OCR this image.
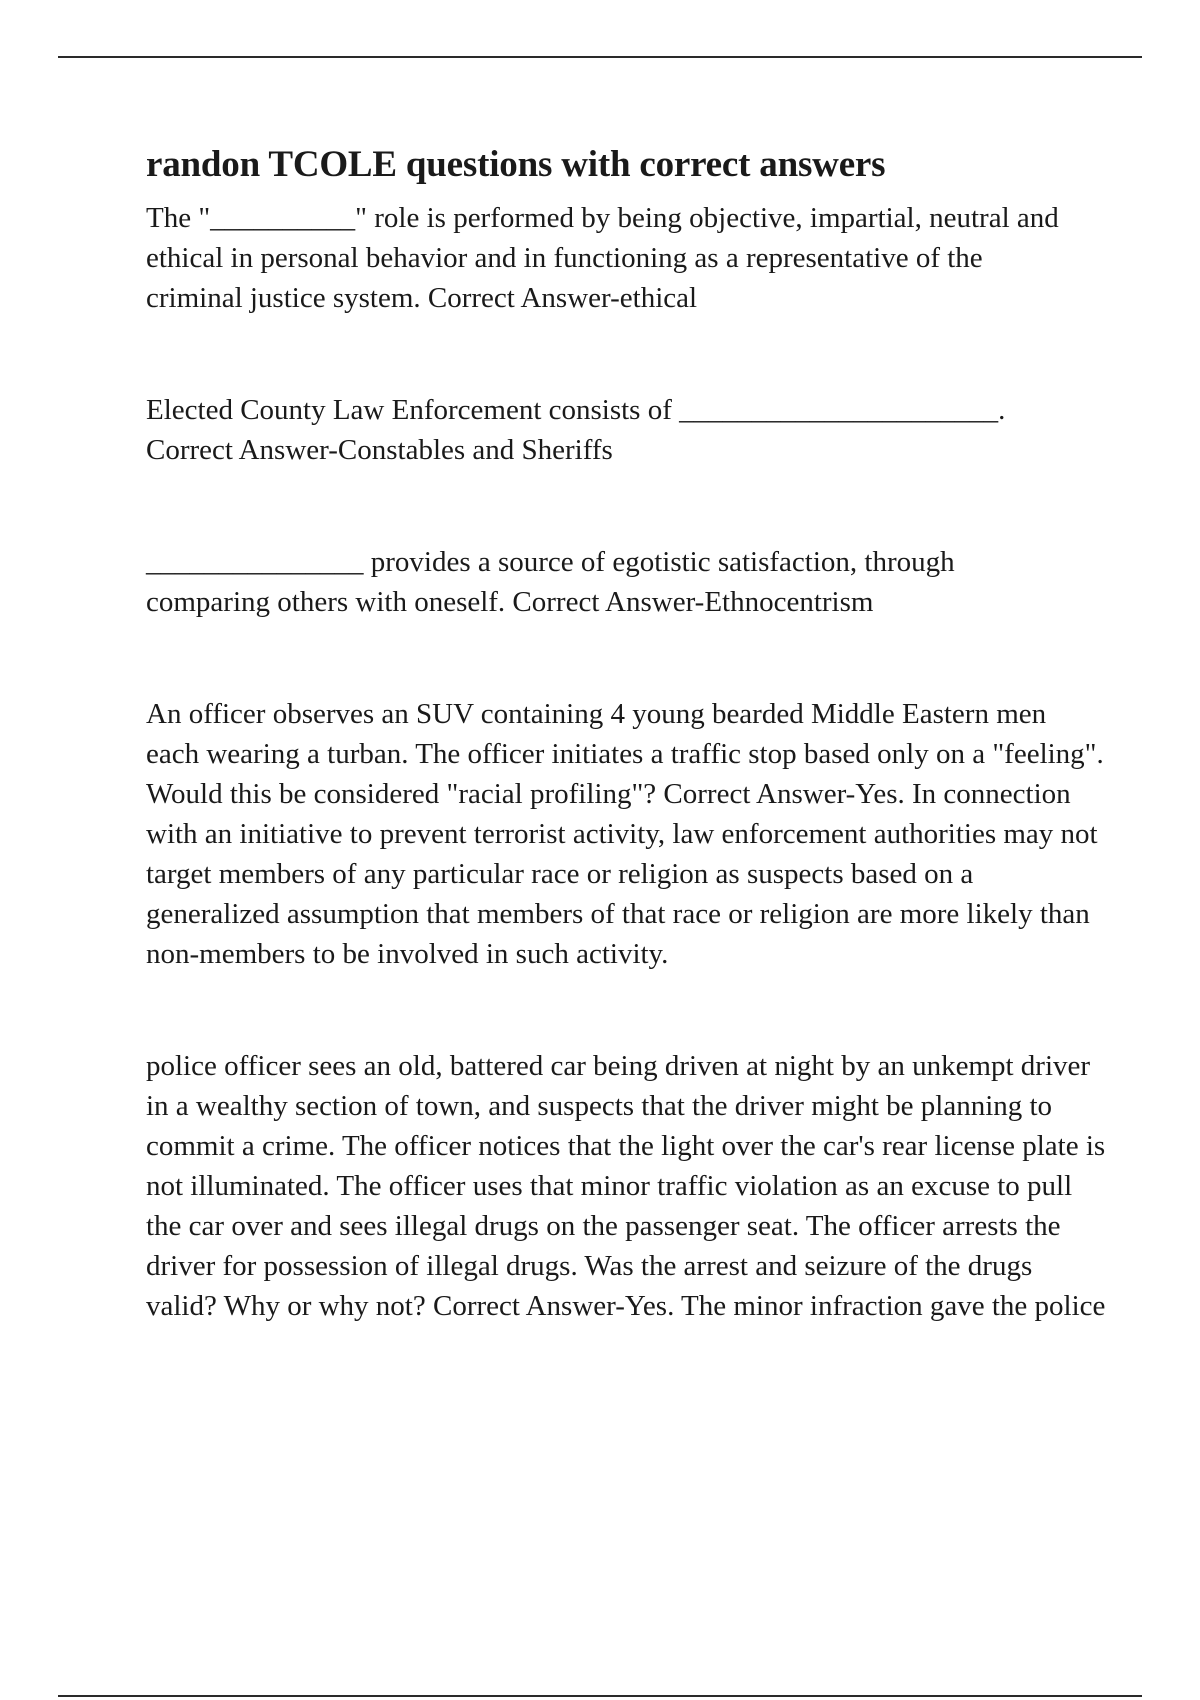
randon TCOLE questions with correct answers

The "__________" role is performed by being objective, impartial, neutral and ethical in personal behavior and in functioning as a representative of the criminal justice system. Correct Answer-ethical

Elected County Law Enforcement consists of ______________________. Correct Answer-Constables and Sheriffs

_______________ provides a source of egotistic satisfaction, through comparing others with oneself. Correct Answer-Ethnocentrism

An officer observes an SUV containing 4 young bearded Middle Eastern men each wearing a turban. The officer initiates a traffic stop based only on a "feeling". Would this be considered "racial profiling"? Correct Answer-Yes. In connection with an initiative to prevent terrorist activity, law enforcement authorities may not target members of any particular race or religion as suspects based on a generalized assumption that members of that race or religion are more likely than non-members to be involved in such activity.

police officer sees an old, battered car being driven at night by an unkempt driver in a wealthy section of town, and suspects that the driver might be planning to commit a crime. The officer notices that the light over the car's rear license plate is not illuminated. The officer uses that minor traffic violation as an excuse to pull the car over and sees illegal drugs on the passenger seat. The officer arrests the driver for possession of illegal drugs. Was the arrest and seizure of the drugs valid? Why or why not? Correct Answer-Yes. The minor infraction gave the police
